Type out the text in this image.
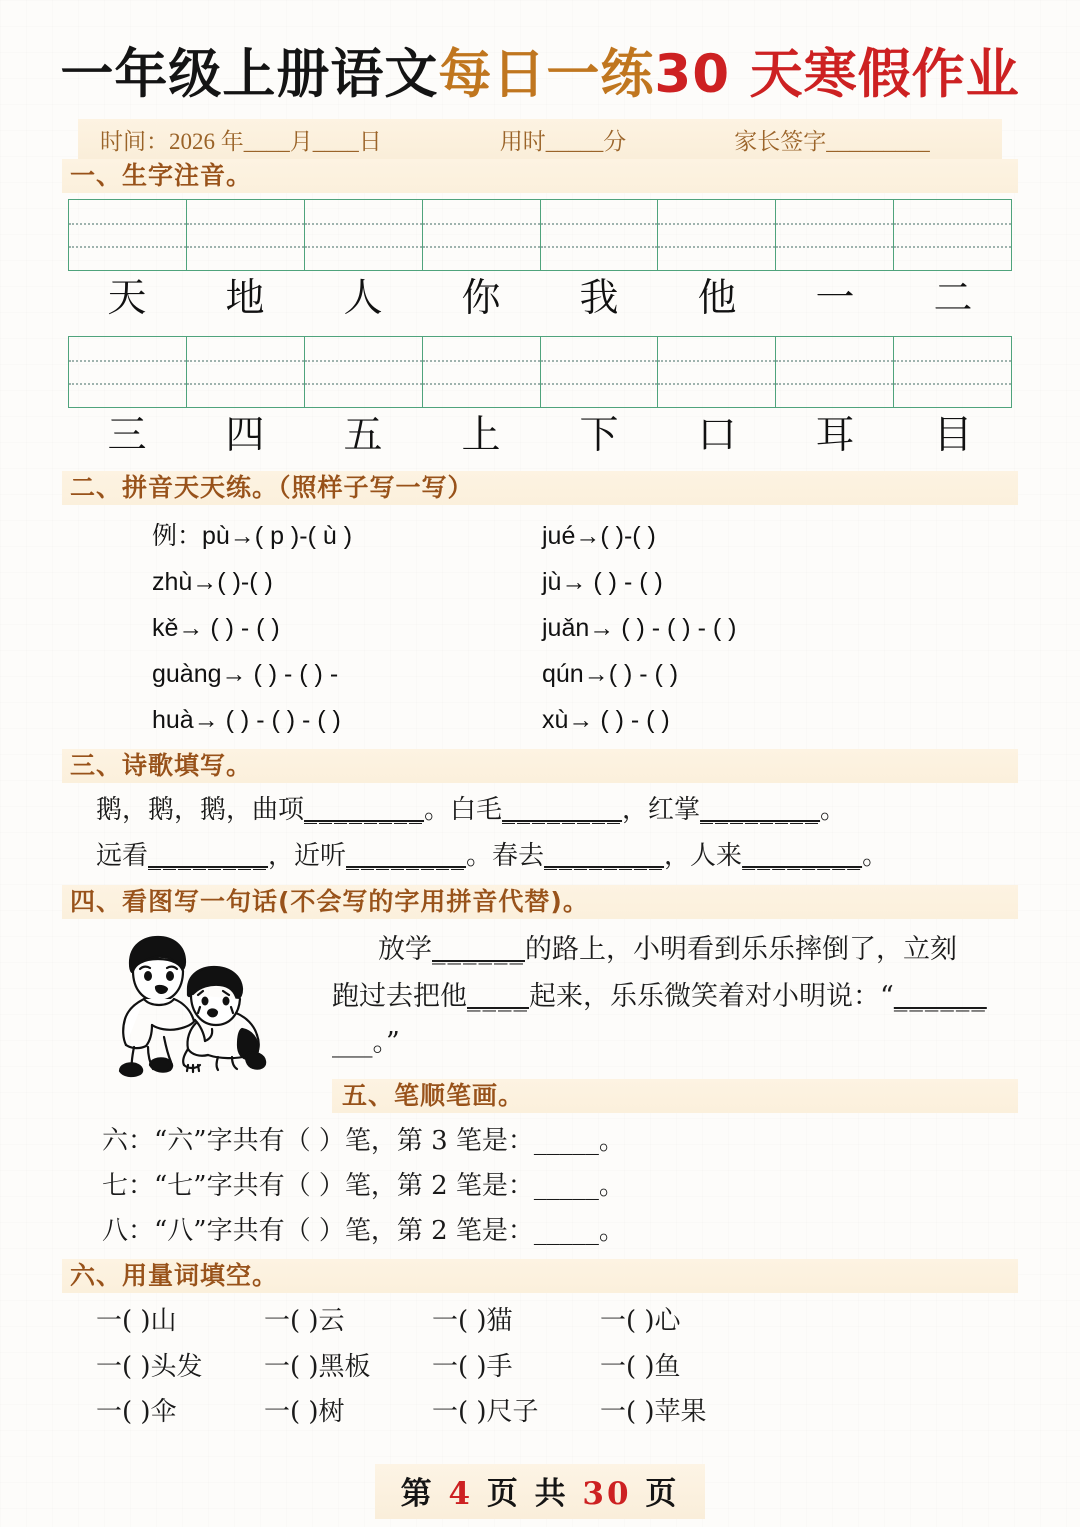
一年级上册语文每日一练30 天寒假作业
时间：2026 年____月____日	用时_____分	家长签字_________
一、生字注音。

天	地	人	你	我	他	一	二

三	四	五	上	下	口	耳	目
二、拼音天天练。（照样子写一写）
例：pù→( p )-( ù )	jué→( )-( )
zhù→( )-( )	jù→ ( ) - ( )
kě→ ( ) - ( )	juǎn→ ( ) - ( ) - ( )
guàng→ ( ) - ( ) -	qún→( ) - ( )
huà→ ( ) - ( ) - ( )	xù→ ( ) - ( )
三、诗歌填写。
鹅，鹅，鹅，曲项________。白毛________，红掌________。
远看________，近听________。春去________，人来________。
四、看图写一句话(不会写的字用拼音代替)。
放学______的路上，小明看到乐乐摔倒了，立刻
跑过去把他____起来，乐乐微笑着对小明说：“______
___。”
五、笔顺笔画。
六：“六”字共有（ ）笔，第 3 笔是：_____。
七：“七”字共有（ ）笔，第 2 笔是：_____。
八：“八”字共有（ ）笔，第 2 笔是：_____。
六、用量词填空。
一( )山	一( )云	一( )猫	一( )心
一( )头发	一( )黑板	一( )手	一( )鱼
一( )伞	一( )树	一( )尺子	一( )苹果
第 4 页 共 30 页
